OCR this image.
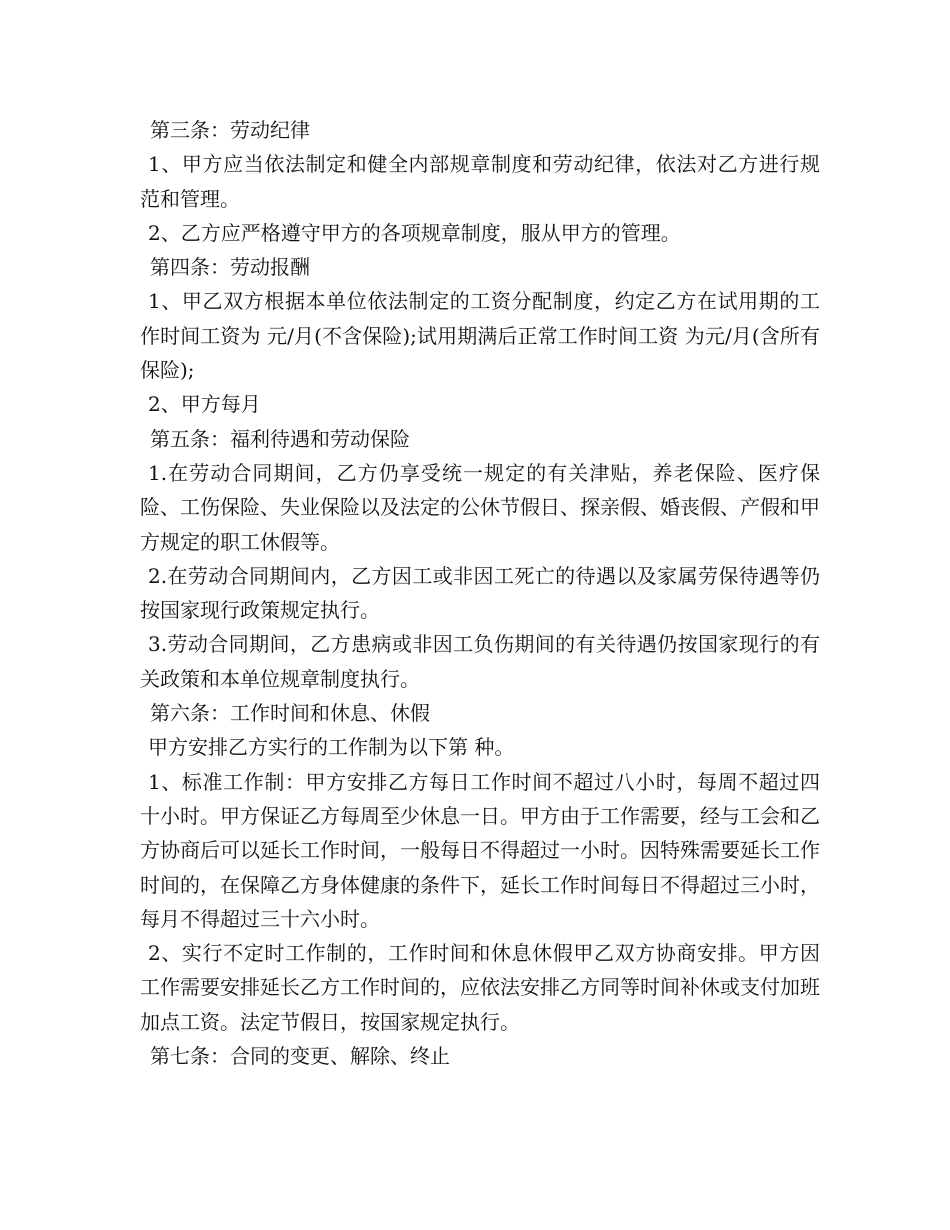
第三条：劳动纪律

1、甲方应当依法制定和健全内部规章制度和劳动纪律，依法对乙方进行规范和管理。

2、乙方应严格遵守甲方的各项规章制度，服从甲方的管理。

第四条：劳动报酬

1、甲乙双方根据本单位依法制定的工资分配制度，约定乙方在试用期的工作时间工资为 元/月(不含保险);试用期满后正常工作时间工资 为元/月(含所有保险);

2、甲方每月

第五条：福利待遇和劳动保险

1.在劳动合同期间，乙方仍享受统一规定的有关津贴，养老保险、医疗保险、工伤保险、失业保险以及法定的公休节假日、探亲假、婚丧假、产假和甲方规定的职工休假等。

2.在劳动合同期间内，乙方因工或非因工死亡的待遇以及家属劳保待遇等仍按国家现行政策规定执行。

3.劳动合同期间，乙方患病或非因工负伤期间的有关待遇仍按国家现行的有关政策和本单位规章制度执行。

第六条：工作时间和休息、休假

甲方安排乙方实行的工作制为以下第 种。

1、标准工作制：甲方安排乙方每日工作时间不超过八小时，每周不超过四十小时。甲方保证乙方每周至少休息一日。甲方由于工作需要，经与工会和乙方协商后可以延长工作时间，一般每日不得超过一小时。因特殊需要延长工作时间的，在保障乙方身体健康的条件下，延长工作时间每日不得超过三小时，每月不得超过三十六小时。

2、实行不定时工作制的，工作时间和休息休假甲乙双方协商安排。甲方因工作需要安排延长乙方工作时间的，应依法安排乙方同等时间补休或支付加班加点工资。法定节假日，按国家规定执行。

第七条：合同的变更、解除、终止
